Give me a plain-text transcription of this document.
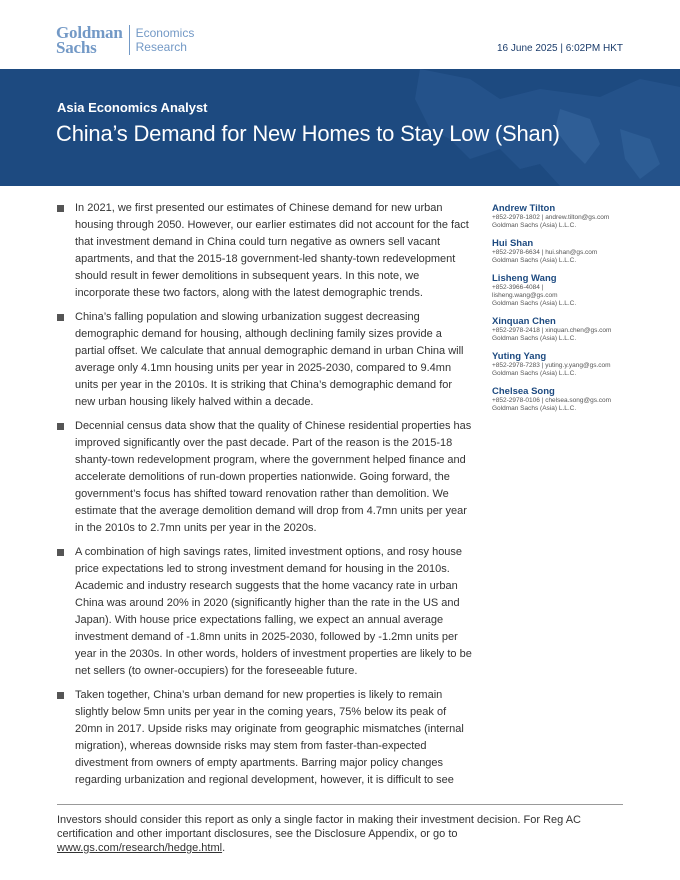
Goldman
Sachs
Economics
Research	16 June 2025 | 6:02PM HKT
Asia Economics Analyst
China’s Demand for New Homes to Stay Low (Shan)
In 2021, we first presented our estimates of Chinese demand for new urban housing through 2050. However, our earlier estimates did not account for the fact that investment demand in China could turn negative as owners sell vacant apartments, and that the 2015-18 government-led shanty-town redevelopment should result in fewer demolitions in subsequent years. In this note, we incorporate these two factors, along with the latest demographic trends.
China’s falling population and slowing urbanization suggest decreasing demographic demand for housing, although declining family sizes provide a partial offset. We calculate that annual demographic demand in urban China will average only 4.1mn housing units per year in 2025-2030, compared to 9.4mn units per year in the 2010s. It is striking that China’s demographic demand for new urban housing likely halved within a decade.
Decennial census data show that the quality of Chinese residential properties has improved significantly over the past decade. Part of the reason is the 2015-18 shanty-town redevelopment program, where the government helped finance and accelerate demolitions of run-down properties nationwide. Going forward, the government’s focus has shifted toward renovation rather than demolition. We estimate that the average demolition demand will drop from 4.7mn units per year in the 2010s to 2.7mn units per year in the 2020s.
A combination of high savings rates, limited investment options, and rosy house price expectations led to strong investment demand for housing in the 2010s. Academic and industry research suggests that the home vacancy rate in urban China was around 20% in 2020 (significantly higher than the rate in the US and Japan). With house price expectations falling, we expect an annual average investment demand of -1.8mn units in 2025-2030, followed by -1.2mn units per year in the 2030s. In other words, holders of investment properties are likely to be net sellers (to owner-occupiers) for the foreseeable future.
Taken together, China’s urban demand for new properties is likely to remain slightly below 5mn units per year in the coming years, 75% below its peak of 20mn in 2017. Upside risks may originate from geographic mismatches (internal migration), whereas downside risks may stem from faster-than-expected divestment from owners of empty apartments. Barring major policy changes regarding urbanization and regional development, however, it is difficult to see
Andrew Tilton
+852-2978-1802 | andrew.tilton@gs.com
Goldman Sachs (Asia) L.L.C.
Hui Shan
+852-2978-6634 | hui.shan@gs.com
Goldman Sachs (Asia) L.L.C.
Lisheng Wang
+852-3966-4084 |
lisheng.wang@gs.com
Goldman Sachs (Asia) L.L.C.
Xinquan Chen
+852-2978-2418 | xinquan.chen@gs.com
Goldman Sachs (Asia) L.L.C.
Yuting Yang
+852-2978-7283 | yuting.y.yang@gs.com
Goldman Sachs (Asia) L.L.C.
Chelsea Song
+852-2978-0106 | chelsea.song@gs.com
Goldman Sachs (Asia) L.L.C.
Investors should consider this report as only a single factor in making their investment decision. For Reg AC certification and other important disclosures, see the Disclosure Appendix, or go to www.gs.com/research/hedge.html.
